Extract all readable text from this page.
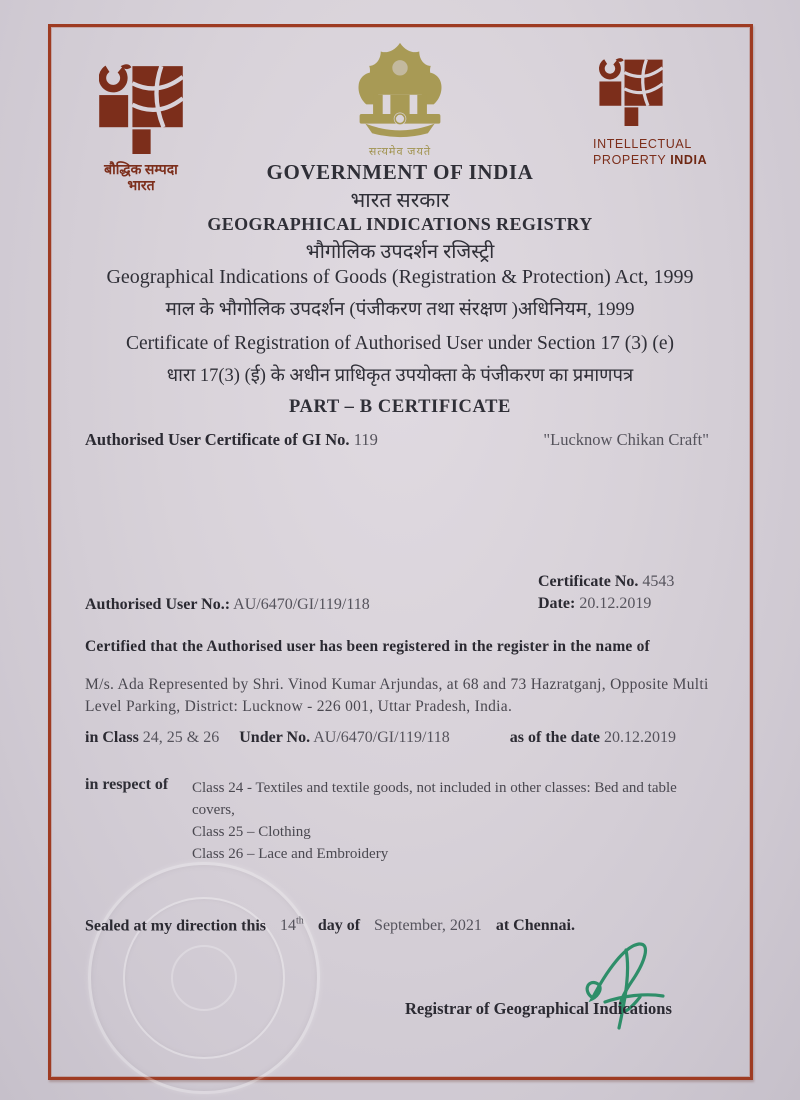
बौद्धिक सम्पदा
भारत
सत्यमेव जयते
INTELLECTUAL
PROPERTY INDIA
GOVERNMENT OF INDIA
भारत सरकार
GEOGRAPHICAL INDICATIONS REGISTRY
भौगोलिक उपदर्शन रजिस्ट्री
Geographical Indications of Goods (Registration & Protection) Act, 1999
माल के भौगोलिक उपदर्शन (पंजीकरण तथा संरक्षण )अधिनियम, 1999
Certificate of Registration of Authorised User under Section 17 (3) (e)
धारा 17(3) (ई) के अधीन प्राधिकृत उपयोक्ता के पंजीकरण का प्रमाणपत्र
PART – B CERTIFICATE
Authorised User Certificate of GI No. 119	"Lucknow Chikan Craft"
Certificate No. 4543
Date: 20.12.2019
Authorised User No.: AU/6470/GI/119/118
Certified that the Authorised user has been registered in the register in the name of
M/s. Ada Represented by Shri. Vinod Kumar Arjundas, at 68 and 73 Hazratganj, Opposite Multi Level Parking, District: Lucknow - 226 001, Uttar Pradesh, India.
in Class 24, 25 & 26 Under No. AU/6470/GI/119/118	as of the date 20.12.2019
in respect of Class 24 - Textiles and textile goods, not included in other classes: Bed and table
covers,
Class 25 – Clothing
Class 26 – Lace and Embroidery
Sealed at my direction this 14th day of September, 2021 at Chennai.
Registrar of Geographical Indications
